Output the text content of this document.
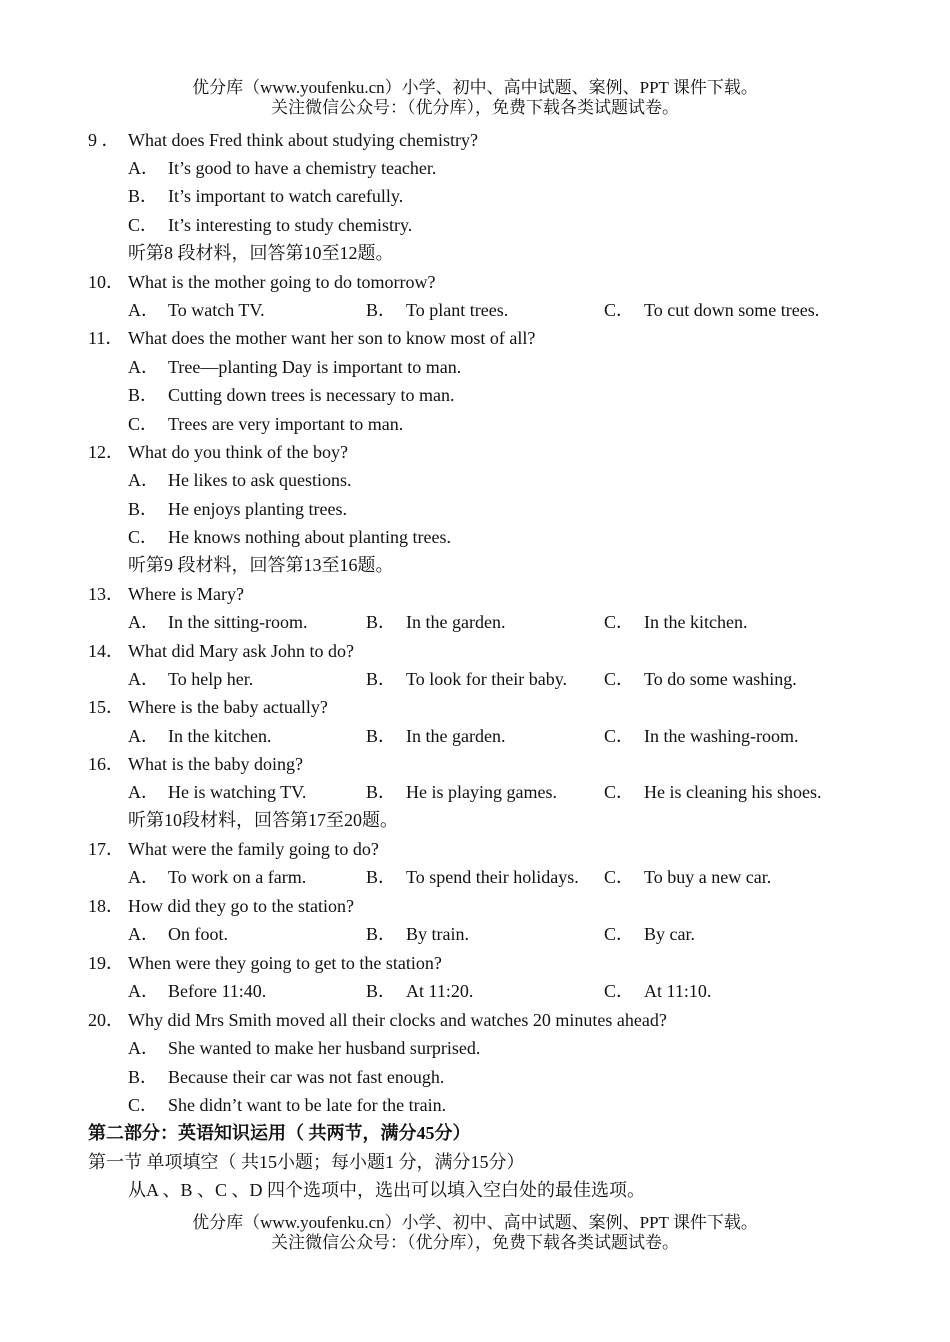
优分库（www.youfenku.cn）小学、初中、高中试题、案例、PPT 课件下载。
关注微信公众号：（优分库），免费下载各类试题试卷。
9 ． What does Fred think about studying chemistry?
A． It’s good to have a chemistry teacher.
B． It’s important to watch carefully.
C． It’s interesting to study chemistry.
听第8 段材料，回答第10至12题。
10． What is the mother going to do tomorrow?
A． To watch TV.	B． To plant trees.	C． To cut down some trees.
11． What does the mother want her son to know most of all?
A． Tree—planting Day is important to man.
B． Cutting down trees is necessary to man.
C． Trees are very important to man.
12． What do you think of the boy?
A． He likes to ask questions.
B． He enjoys planting trees.
C． He knows nothing about planting trees.
听第9 段材料，回答第13至16题。
13． Where is Mary?
A． In the sitting-room.	B． In the garden.	C． In the kitchen.
14． What did Mary ask John to do?
A． To help her.	B． To look for their baby. C． To do some washing.
15． Where is the baby actually?
A． In the kitchen.	B． In the garden.	C． In the washing-room.
16． What is the baby doing?
A． He is watching TV.	B． He is playing games.	C． He is cleaning his shoes.
听第10段材料，回答第17至20题。
17． What were the family going to do?
A． To work on a farm.	B． To spend their holidays. C． To buy a new car.
18． How did they go to the station?
A． On foot.	B． By train.	C． By car.
19． When were they going to get to the station?
A． Before 11:40.	B． At 11:20.	C． At 11:10.
20． Why did Mrs Smith moved all their clocks and watches 20 minutes ahead?
A． She wanted to make her husband surprised.
B． Because their car was not fast enough.
C． She didn’t want to be late for the train.
第二部分：英语知识运用（ 共两节，满分45分）
第一节 单项填空（ 共15小题；每小题1 分，满分15分）
从A 、B 、C 、D 四个选项中，选出可以填入空白处的最佳选项。
优分库（www.youfenku.cn）小学、初中、高中试题、案例、PPT 课件下载。
关注微信公众号：（优分库），免费下载各类试题试卷。
